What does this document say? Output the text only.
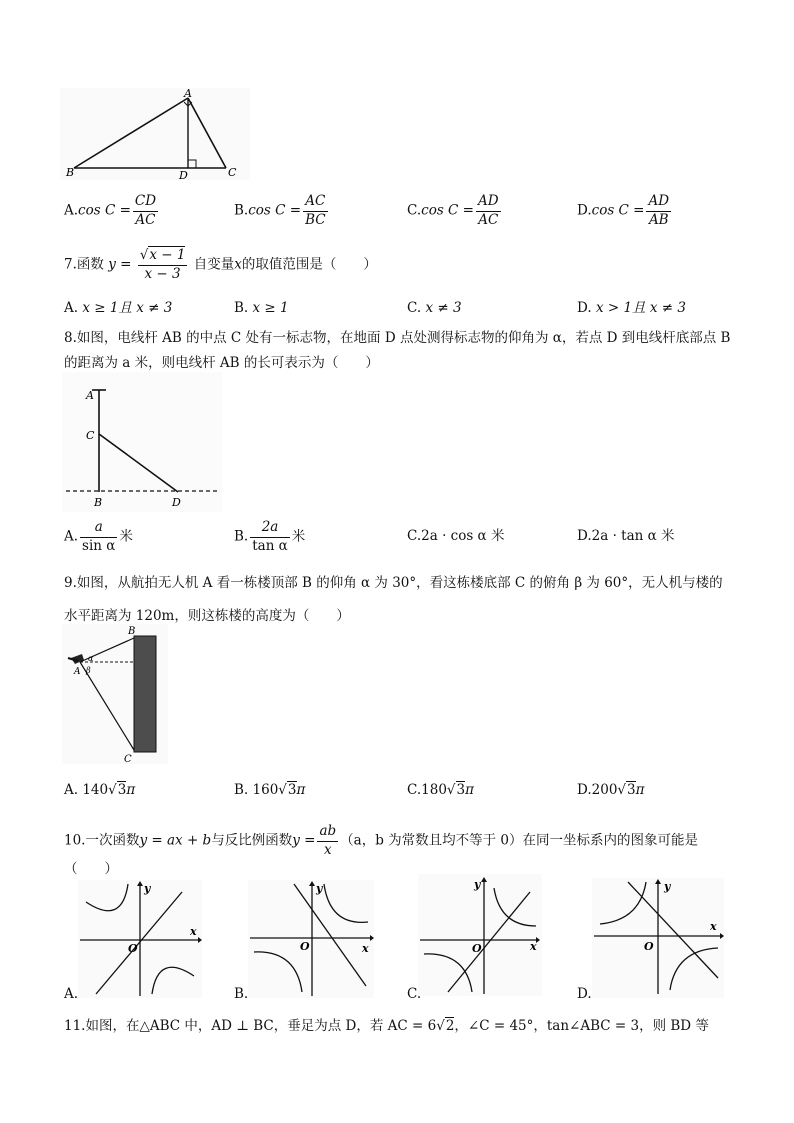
A
B	D	C
A.cos $C = \frac{CD}{AC}$	B.cos $C = \frac{AC}{BC}$	C.cos $C = \frac{AD}{AC}$	D.cos $C = \frac{AD}{AB}$
7.函数 $y = \frac{√x - 1}{x - 3}$ 自变量x的取值范围是（　　）
A. x ≥ 1且 x ≠ 3	B. x ≥ 1	C. x ≠ 3	D. x > 1且 x ≠ 3
8.如图，电线杆 AB 的中点 C 处有一标志物，在地面 D 点处测得标志物的仰角为 α，若点 D 到电线杆底部点 B
的距离为 a 米，则电线杆 AB 的长可表示为（　　）
A
C
B	D
A. $\frac{a}{\text{sin α}}$ 米	B. $\frac{2a}{\text{tan α}}$ 米	C.2a · cos α 米	D.2a · tan α 米
9.如图，从航拍无人机 A 看一栋楼顶部 B 的仰角 α 为 30°，看这栋楼底部 C 的俯角 β 为 60°，无人机与楼的
水平距离为 120m，则这栋楼的高度为（　　）
B
A
α
β
C
A. 140√3π	B. 160√3π	C.180√3π	D.200√3π
10.一次函数y = ax + b与反比例函数$y = \frac{ab}{x} (a$，b 为常数且均不等于 0）在同一坐标系内的图象可能是
（　　）
y
x
O
A.
y
x
O
B.
y
x
O
C.
y
x
O
D.
11.如图，在△ABC 中，AD ⊥ BC，垂足为点 D，若 AC = 6√2，∠C = 45°，tan∠ABC = 3，则 BD 等
